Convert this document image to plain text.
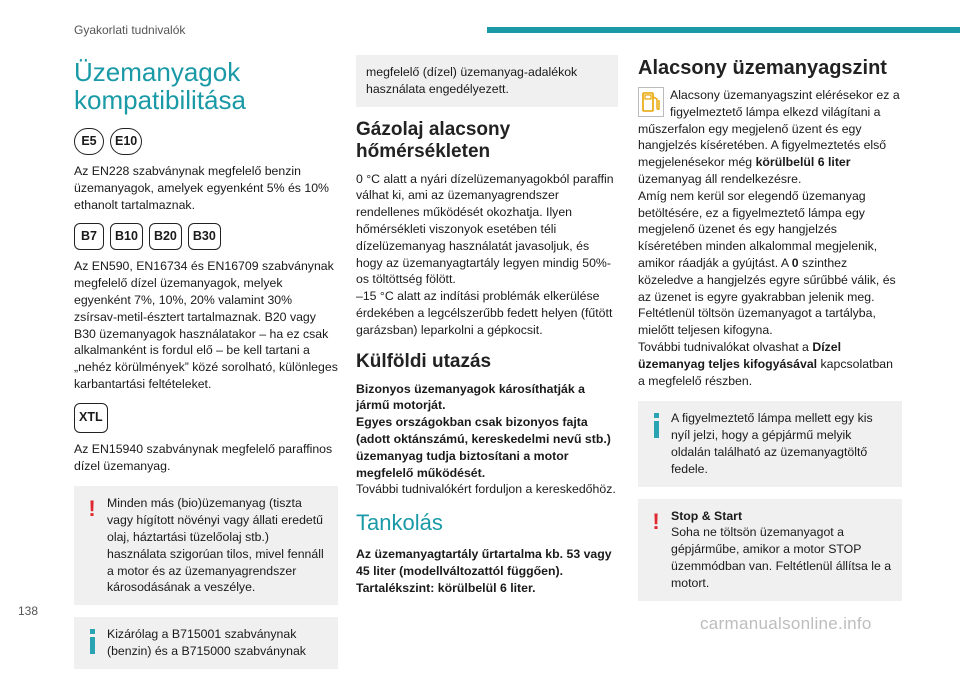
Gyakorlati tudnivalók
Üzemanyagok kompatibilitása
E5	E10

Az EN228 szabványnak megfelelő benzin üzemanyagok, amelyek egyenként 5% és 10% ethanolt tartalmaznak.

B7	B10	B20	B30

Az EN590, EN16734 és EN16709 szabványnak megfelelő dízel üzemanyagok, melyek egyenként 7%, 10%, 20% valamint 30% zsírsav-metil-észtert tartalmaznak. B20 vagy B30 üzemanyagok használatakor – ha ez csak alkalmanként is fordul elő – be kell tartani a „nehéz körülmények” közé sorolható, különleges karbantartási feltételeket.

XTL

Az EN15940 szabványnak megfelelő paraffinos dízel üzemanyag.

! Minden más (bio)üzemanyag (tiszta vagy hígított növényi vagy állati eredetű olaj, háztartási tüzelőolaj stb.) használata szigorúan tilos, mivel fennáll a motor és az üzemanyagrendszer károsodásának a veszélye.

Kizárólag a B715001 szabványnak (benzin) és a B715000 szabványnak

megfelelő (dízel) üzemanyag-adalékok használata engedélyezett.

Gázolaj alacsony hőmérsékleten

0 °C alatt a nyári dízelüzemanyagokból paraffin válhat ki, ami az üzemanyagrendszer rendellenes működését okozhatja. Ilyen hőmérsékleti viszonyok esetében téli dízelüzemanyag használatát javasoljuk, és hogy az üzemanyagtartály legyen mindig 50%-os töltöttség fölött.

–15 °C alatt az indítási problémák elkerülése érdekében a legcélszerűbb fedett helyen (fűtött garázsban) leparkolni a gépkocsit.

Külföldi utazás

Bizonyos üzemanyagok károsíthatják a jármű motorját.
Egyes országokban csak bizonyos fajta (adott oktánszámú, kereskedelmi nevű stb.) üzemanyag tudja biztosítani a motor megfelelő működését.

További tudnivalókért forduljon a kereskedőhöz.

Tankolás

Az üzemanyagtartály űrtartalma kb. 53 vagy 45 liter (modellváltozattól függően).
Tartalékszint: körülbelül 6 liter.

Alacsony üzemanyagszint

Alacsony üzemanyagszint elérésekor ez a figyelmeztető lámpa elkezd világítani a műszerfalon egy megjelenő üzent és egy hangjelzés kíséretében. A figyelmeztetés első megjelenésekor még körülbelül 6 liter üzemanyag áll rendelkezésre.

Amíg nem kerül sor elegendő üzemanyag betöltésére, ez a figyelmeztető lámpa egy megjelenő üzenet és egy hangjelzés kíséretében minden alkalommal megjelenik, amikor ráadják a gyújtást. A 0 szinthez közeledve a hangjelzés egyre sűrűbbé válik, és az üzenet is egyre gyakrabban jelenik meg.

Feltétlenül töltsön üzemanyagot a tartályba, mielőtt teljesen kifogyna.

További tudnivalókat olvashat a Dízel üzemanyag teljes kifogyásával kapcsolatban a megfelelő részben.

A figyelmeztető lámpa mellett egy kis nyíl jelzi, hogy a gépjármű melyik oldalán található az üzemanyagtöltő fedele.

! Stop & Start

Soha ne töltsön üzemanyagot a gépjárműbe, amikor a motor STOP üzemmódban van. Feltétlenül állítsa le a motort.

138
carmanualsonline.info
